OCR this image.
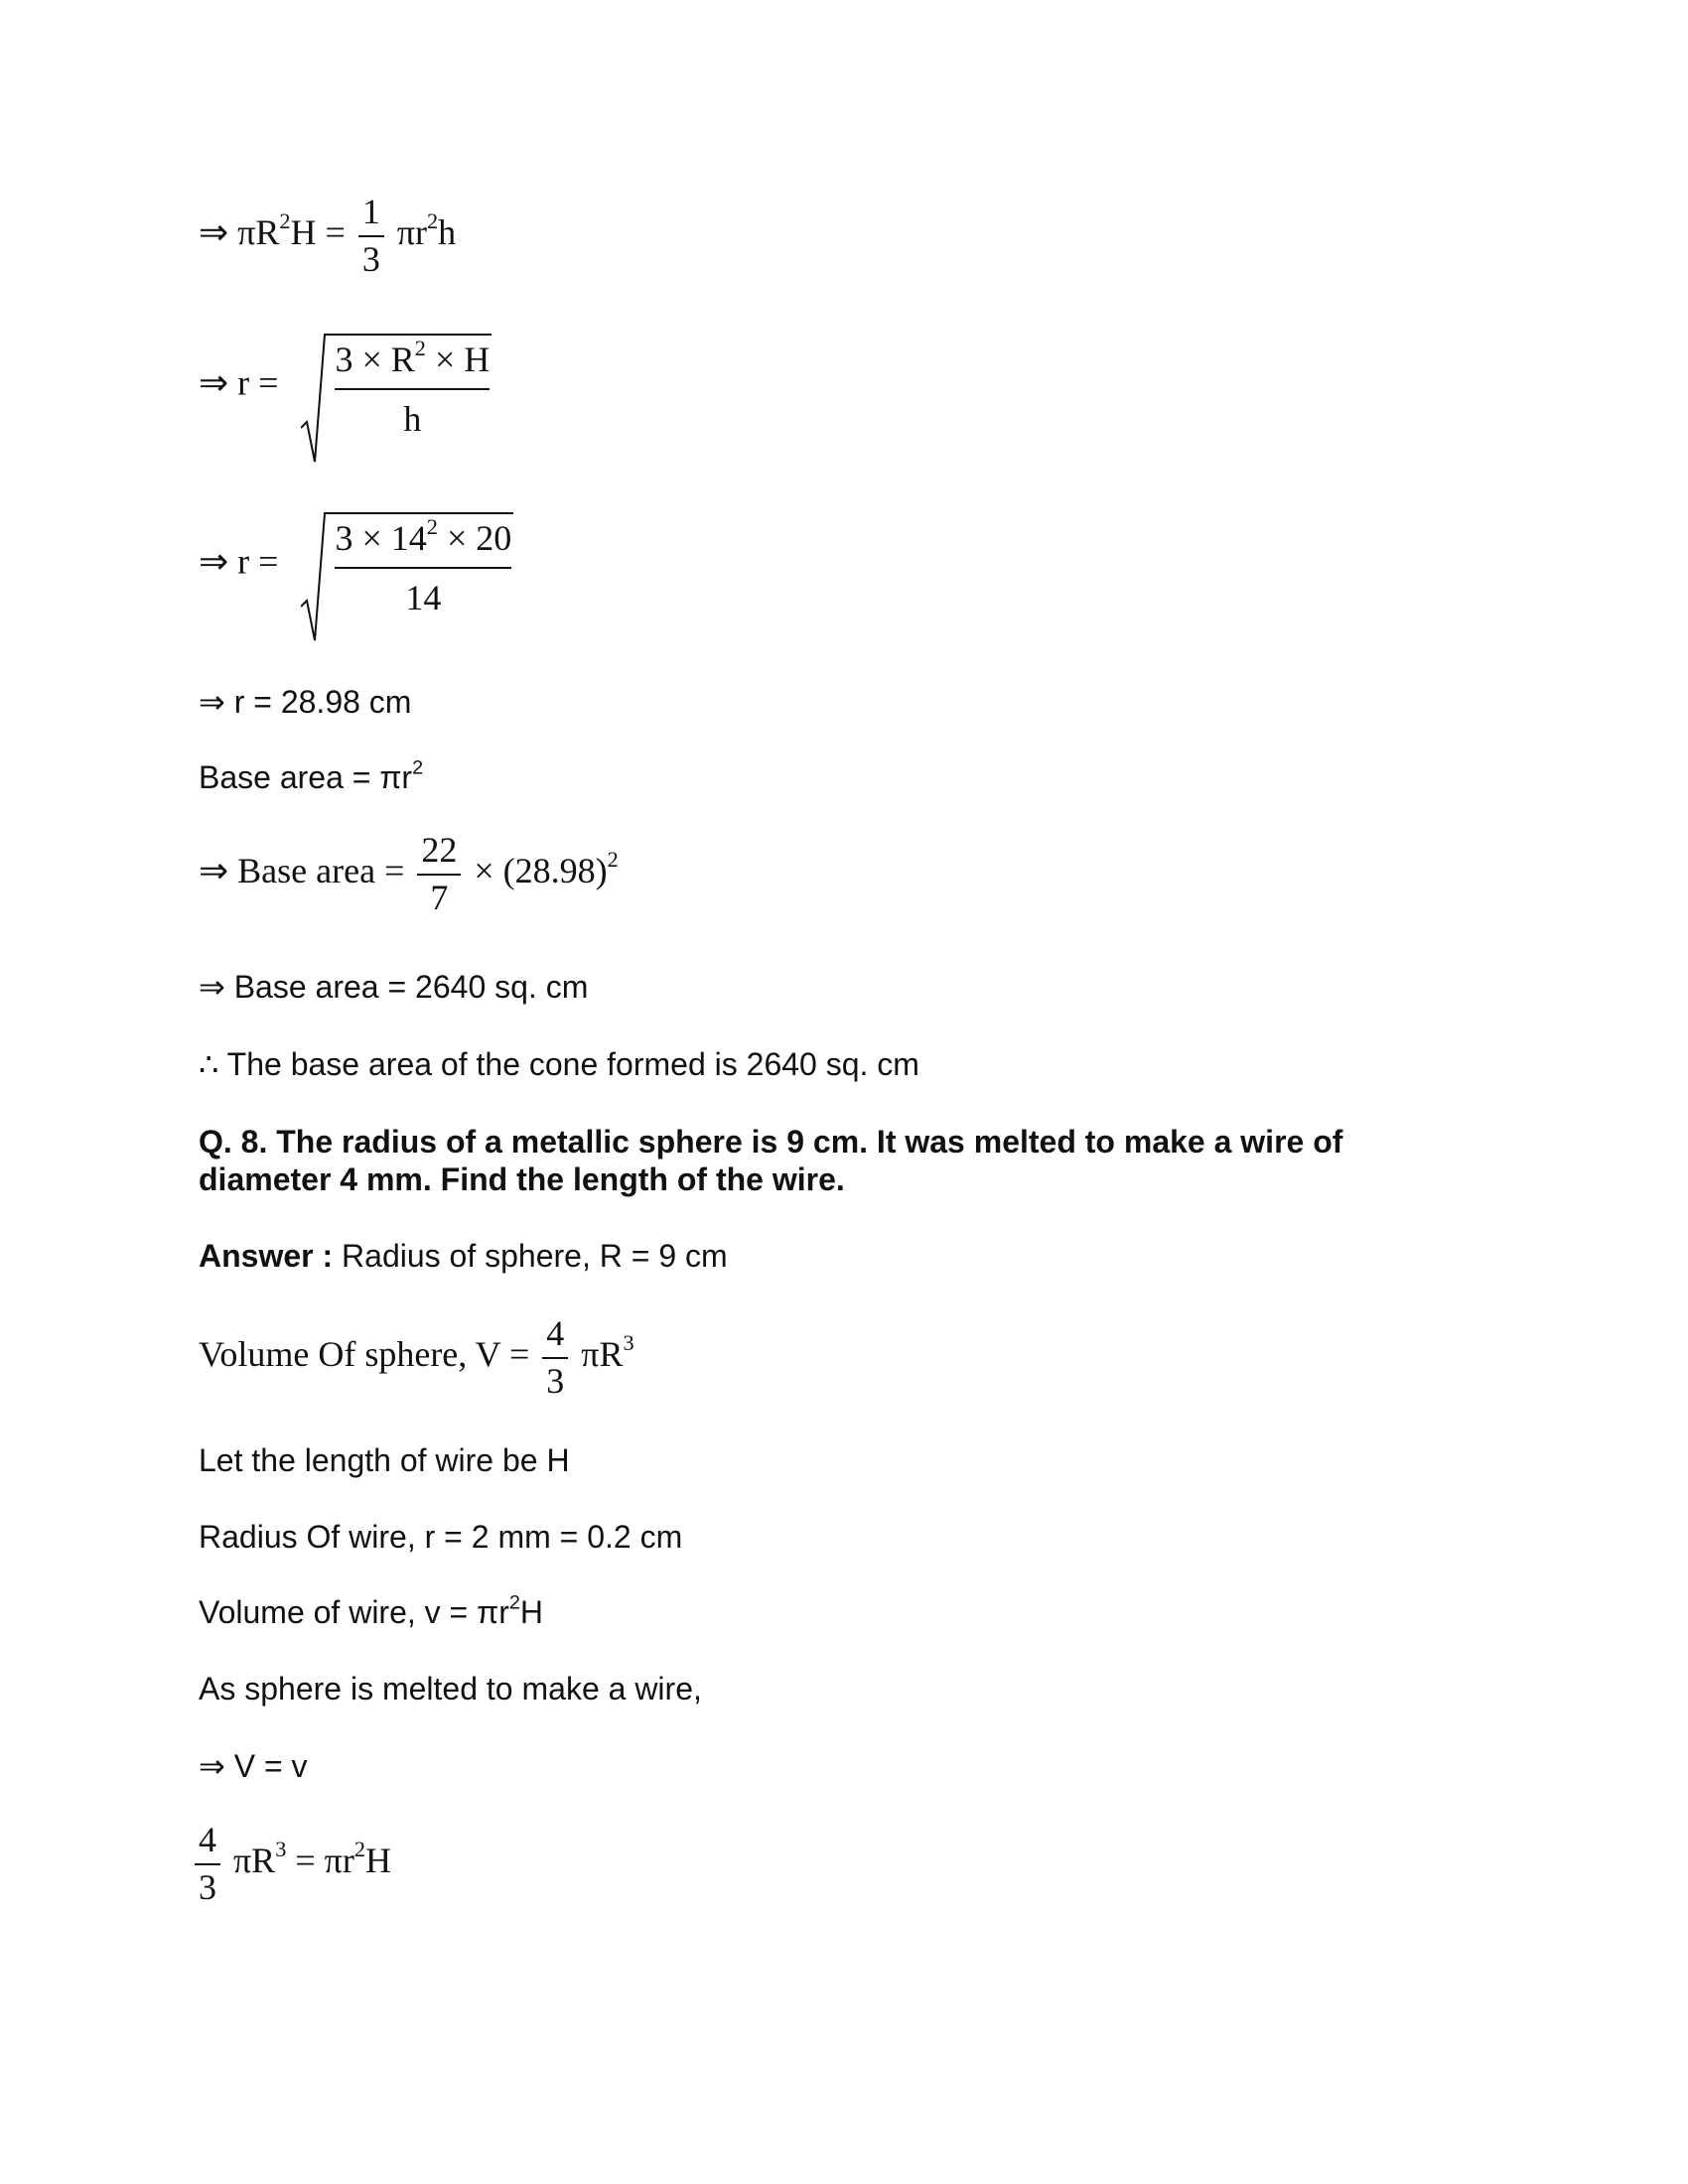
⇒ $\pi R^2H = \frac{1}{3} \pi r^2h$
⇒ $r = \frac{3 \times R^2 \times H}{h}$
⇒ $r = \frac{3 \times 14^2 \times 20}{14}$
⇒ r = 28.98 cm
Base area = $\pi r^2$
⇒ Base area = $\frac{22}{7} \times (28.98)^2$
⇒ Base area = 2640 sq. cm
∴ The base area of the cone formed is 2640 sq. cm
Q. 8. The radius of a metallic sphere is 9 cm. It was melted to make a wire of diameter 4 mm. Find the length of the wire.
Answer : Radius of sphere, R = 9 cm
Volume Of sphere, $V = \frac{4}{3} \pi R^3$
Let the length of wire be H
Radius Of wire, r = 2 mm = 0.2 cm
Volume of wire, $v = \pi r^2H$
As sphere is melted to make a wire,
⇒ V = v
$\frac{4}{3} \pi R^3 = \pi r^2H$
